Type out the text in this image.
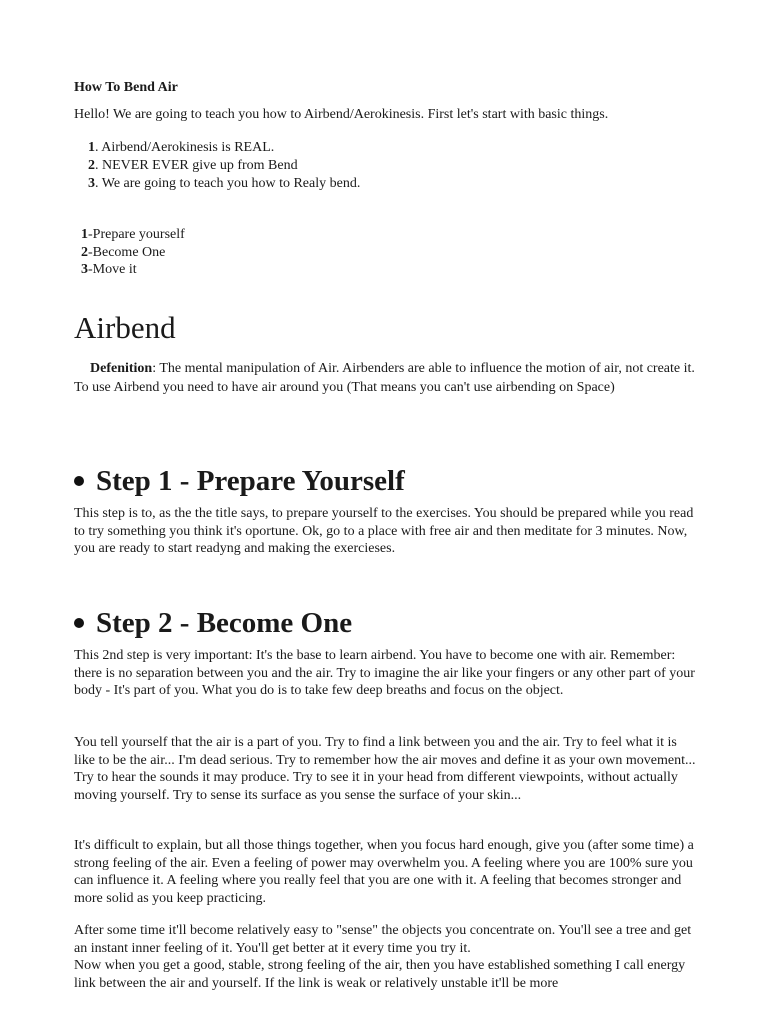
How To Bend Air
Hello! We are going to teach you how to Airbend/Aerokinesis. First let's start with basic things.
1. Airbend/Aerokinesis is REAL.
2. NEVER EVER give up from Bend
3. We are going to teach you how to Realy bend.
1-Prepare yourself
2-Become One
3-Move it
Airbend
Defenition: The mental manipulation of Air. Airbenders are able to influence the motion of air, not create it. To use Airbend you need to have air around you (That means you can't use airbending on Space)
Step 1 - Prepare Yourself
This step is to, as the the title says, to prepare yourself to the exercises. You should be prepared while you read to try something you think it's oportune. Ok, go to a place with free air and then meditate for 3 minutes. Now, you are ready to start readyng and making the exercieses.
Step 2 - Become One
This 2nd step is very important: It's the base to learn airbend. You have to become one with air. Remember: there is no separation between you and the air. Try to imagine the air like your fingers or any other part of your body - It's part of you. What you do is to take few deep breaths and focus on the object.
You tell yourself that the air is a part of you. Try to find a link between you and the air. Try to feel what it is like to be the air... I'm dead serious. Try to remember how the air moves and define it as your own movement... Try to hear the sounds it may produce. Try to see it in your head from different viewpoints, without actually moving yourself. Try to sense its surface as you sense the surface of your skin...
It's difficult to explain, but all those things together, when you focus hard enough, give you (after some time) a strong feeling of the air. Even a feeling of power may overwhelm you. A feeling where you are 100% sure you can influence it. A feeling where you really feel that you are one with it. A feeling that becomes stronger and more solid as you keep practicing.
After some time it'll become relatively easy to "sense" the objects you concentrate on. You'll see a tree and get an instant inner feeling of it. You'll get better at it every time you try it.
Now when you get a good, stable, strong feeling of the air, then you have established something I call energy link between the air and yourself. If the link is weak or relatively unstable it'll be more
